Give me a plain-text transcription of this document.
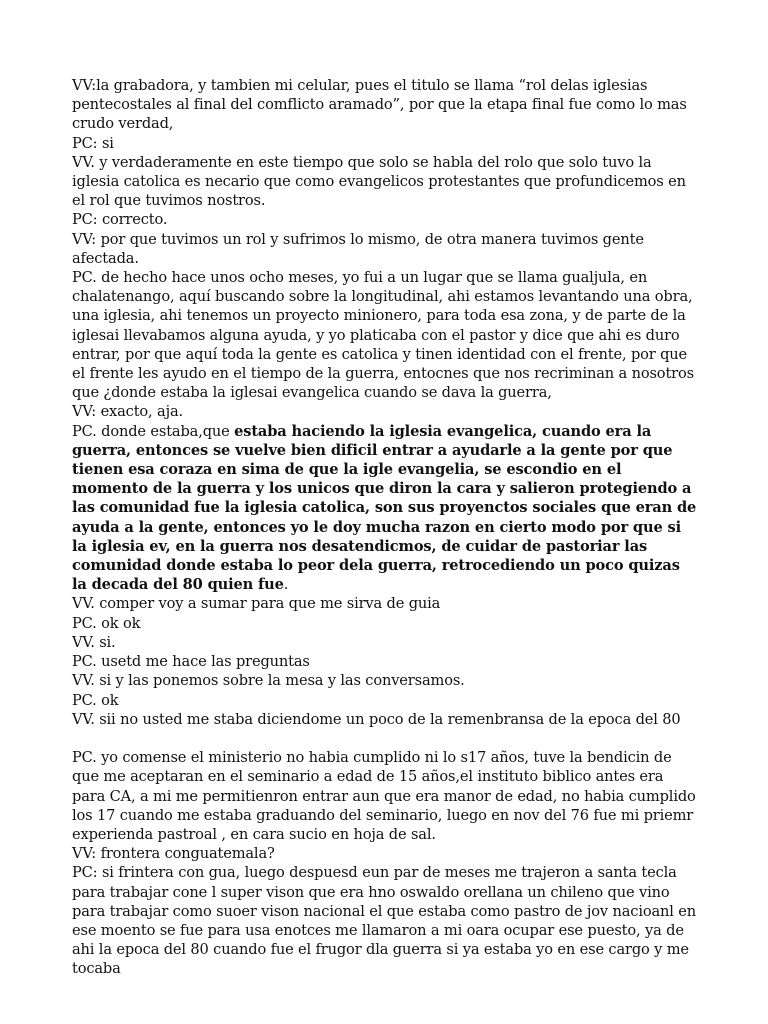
VV:la grabadora, y tambien mi celular, pues el titulo se llama “rol delas iglesias pentecostales al final del comflicto aramado”, por que la etapa final fue como lo mas crudo verdad,

PC: si

VV. y verdaderamente en este tiempo que solo se habla del rolo que solo tuvo la iglesia catolica es necario que como evangelicos protestantes que profundicemos en el rol que tuvimos nostros.

PC: correcto.

VV: por que tuvimos un rol y sufrimos lo mismo, de otra manera tuvimos gente afectada.

PC. de hecho hace unos ocho meses, yo fui a un lugar que se llama gualjula, en chalatenango, aquí buscando sobre la longitudinal, ahi estamos levantando una obra, una iglesia, ahi tenemos un proyecto minionero, para toda esa zona, y de parte de la iglesai llevabamos alguna ayuda, y yo platicaba con el pastor y dice que ahi es duro entrar, por que aquí toda la gente es catolica y tinen identidad con el frente, por que el frente les ayudo en el tiempo de la guerra, entocnes que nos recriminan a nosotros que ¿donde estaba la iglesai evangelica cuando se dava la guerra,

VV: exacto, aja.

PC. donde estaba,que estaba haciendo la iglesia evangelica, cuando era la guerra, entonces se vuelve bien dificil entrar a ayudarle a la gente por que tienen esa coraza en sima de que la igle evangelia, se escondio en el momento de la guerra y los unicos que diron la cara y salieron protegiendo a las comunidad fue la iglesia catolica, son sus proyenctos sociales que eran de ayuda a la gente, entonces yo le doy mucha razon en cierto modo por que si la iglesia ev, en la guerra nos desatendicmos, de cuidar de pastoriar las comunidad donde estaba lo peor dela guerra, retrocediendo un poco quizas la decada del 80 quien fue.

VV. comper voy a sumar para que me sirva de guia

PC. ok ok

VV. si.

PC. usetd me hace las preguntas

VV. si y las ponemos sobre la mesa y las conversamos.

PC. ok

VV. sii no usted me staba diciendome un poco de la remenbransa de la epoca del 80

PC. yo comense el ministerio no habia cumplido ni lo s17 años, tuve la bendicin de que me aceptaran en el seminario a edad de 15 años,el instituto biblico antes era para CA, a mi me permitienron entrar aun que era manor de edad, no habia cumplido los 17 cuando me estaba graduando del seminario, luego en nov del 76 fue mi priemr experienda pastroal , en cara sucio en hoja de sal.

VV: frontera conguatemala?

PC: si frintera con gua, luego despuesd eun par de meses me trajeron a santa tecla para trabajar cone l super vison que era hno oswaldo orellana un chileno que vino para trabajar como suoer vison nacional el que estaba como pastro de jov nacioanl en ese moento se fue para usa enotces me llamaron a mi oara ocupar ese puesto, ya de ahi la epoca del 80 cuando fue el frugor dla guerra si ya estaba yo en ese cargo y me tocaba
